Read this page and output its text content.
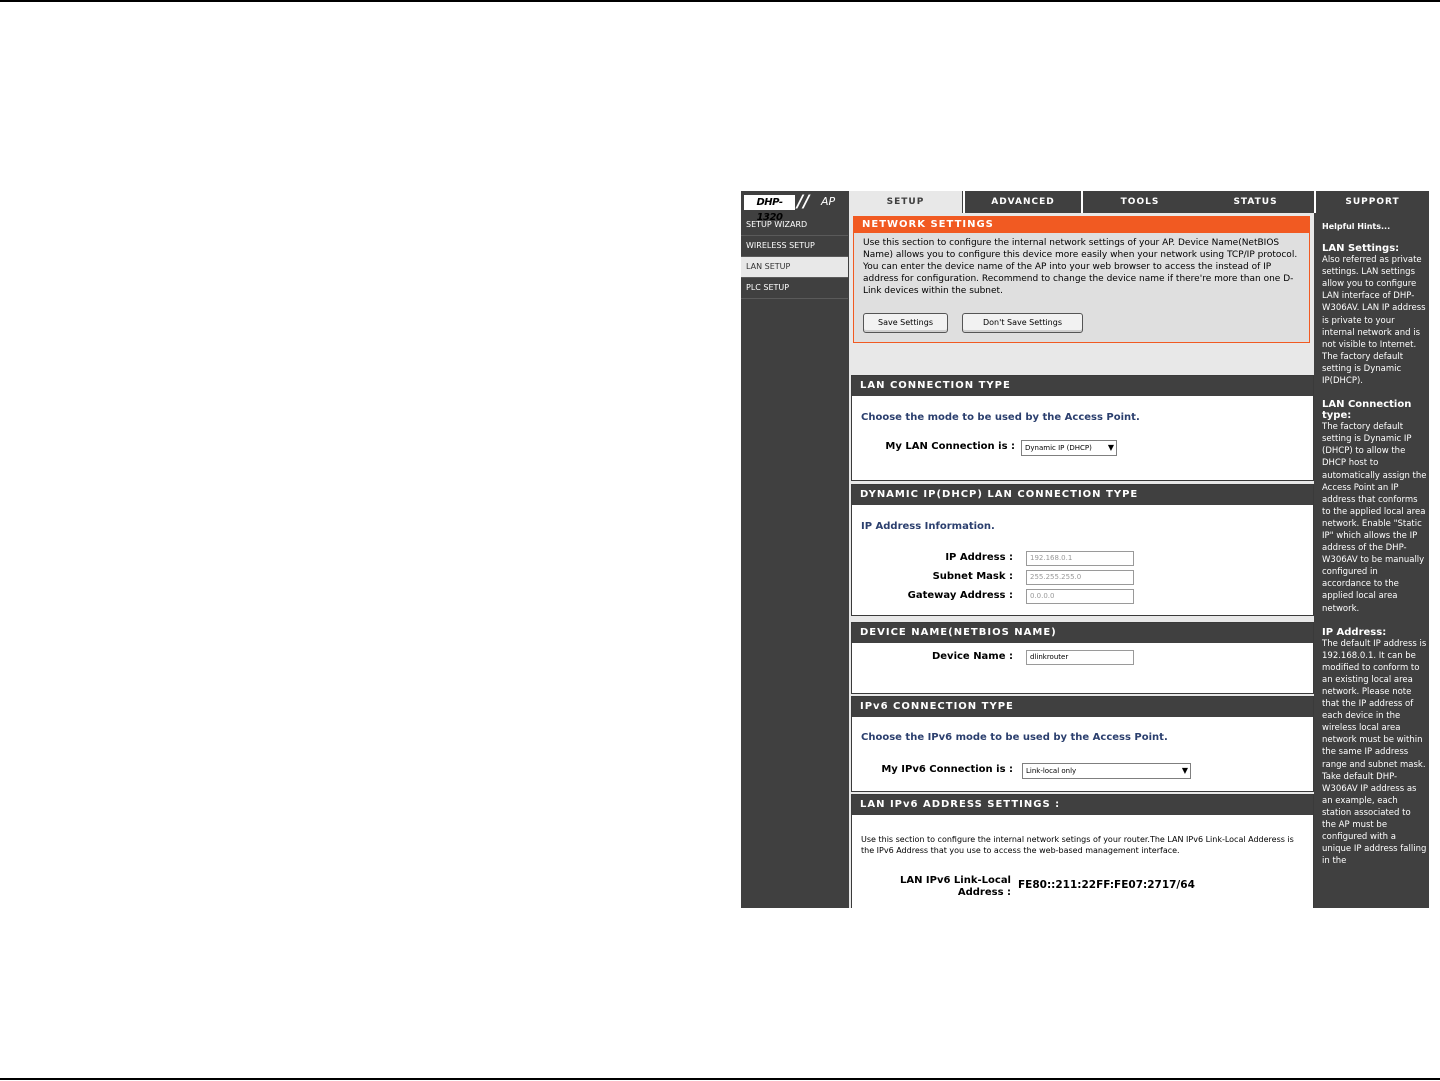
DHP-1320
// AP	SETUP	ADVANCED	TOOLS	STATUS	SUPPORT
SETUP WIZARD
WIRELESS SETUP
LAN SETUP
PLC SETUP
NETWORK SETTINGS
Use this section to configure the internal network settings of your AP. Device Name(NetBIOS Name) allows you to configure this device more easily when your network using TCP/IP protocol. You can enter the device name of the AP into your web browser to access the instead of IP address for configuration. Recommend to change the device name if there're more than one D-Link devices within the subnet.
Save Settings	Don't Save Settings
LAN CONNECTION TYPE
Choose the mode to be used by the Access Point.
My LAN Connection is :	Dynamic IP (DHCP) ▼
DYNAMIC IP(DHCP) LAN CONNECTION TYPE
IP Address Information.
IP Address :	192.168.0.1
Subnet Mask :	255.255.255.0
Gateway Address :	0.0.0.0
DEVICE NAME(NETBIOS NAME)
Device Name :	dlinkrouter
IPv6 CONNECTION TYPE
Choose the IPv6 mode to be used by the Access Point.
My IPv6 Connection is :	Link-local only	▼
LAN IPv6 ADDRESS SETTINGS :
Use this section to configure the internal network setings of your router.The LAN IPv6 Link-Local Adderess is the IPv6 Address that you use to access the web-based management interface.
LAN IPv6 Link-Local
Address :
FE80::211:22FF:FE07:2717/64
Helpful Hints...
LAN Settings:
Also referred as private settings. LAN settings allow you to configure LAN interface of DHP-W306AV. LAN IP address is private to your internal network and is not visible to Internet. The factory default setting is Dynamic IP(DHCP).
LAN Connection type:
The factory default setting is Dynamic IP (DHCP) to allow the DHCP host to automatically assign the Access Point an IP address that conforms to the applied local area network. Enable "Static IP" which allows the IP address of the DHP-W306AV to be manually configured in accordance to the applied local area network.
IP Address:
The default IP address is 192.168.0.1. It can be modified to conform to an existing local area network. Please note that the IP address of each device in the wireless local area network must be within the same IP address range and subnet mask. Take default DHP-W306AV IP address as an example, each station associated to the AP must be configured with a unique IP address falling in the
